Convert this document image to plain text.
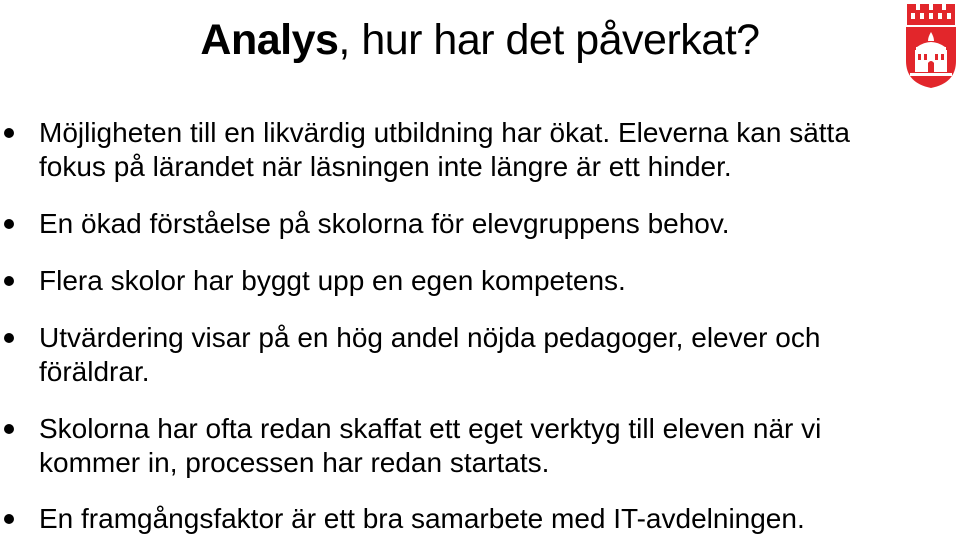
Analys, hur har det påverkat?
Möjligheten till en likvärdig utbildning har ökat. Eleverna kan sätta
fokus på lärandet när läsningen inte längre är ett hinder.
En ökad förståelse på skolorna för elevgruppens behov.
Flera skolor har byggt upp en egen kompetens.
Utvärdering visar på en hög andel nöjda pedagoger, elever och
föräldrar.
Skolorna har ofta redan skaffat ett eget verktyg till eleven när vi
kommer in, processen har redan startats.
En framgångsfaktor är ett bra samarbete med IT-avdelningen.
